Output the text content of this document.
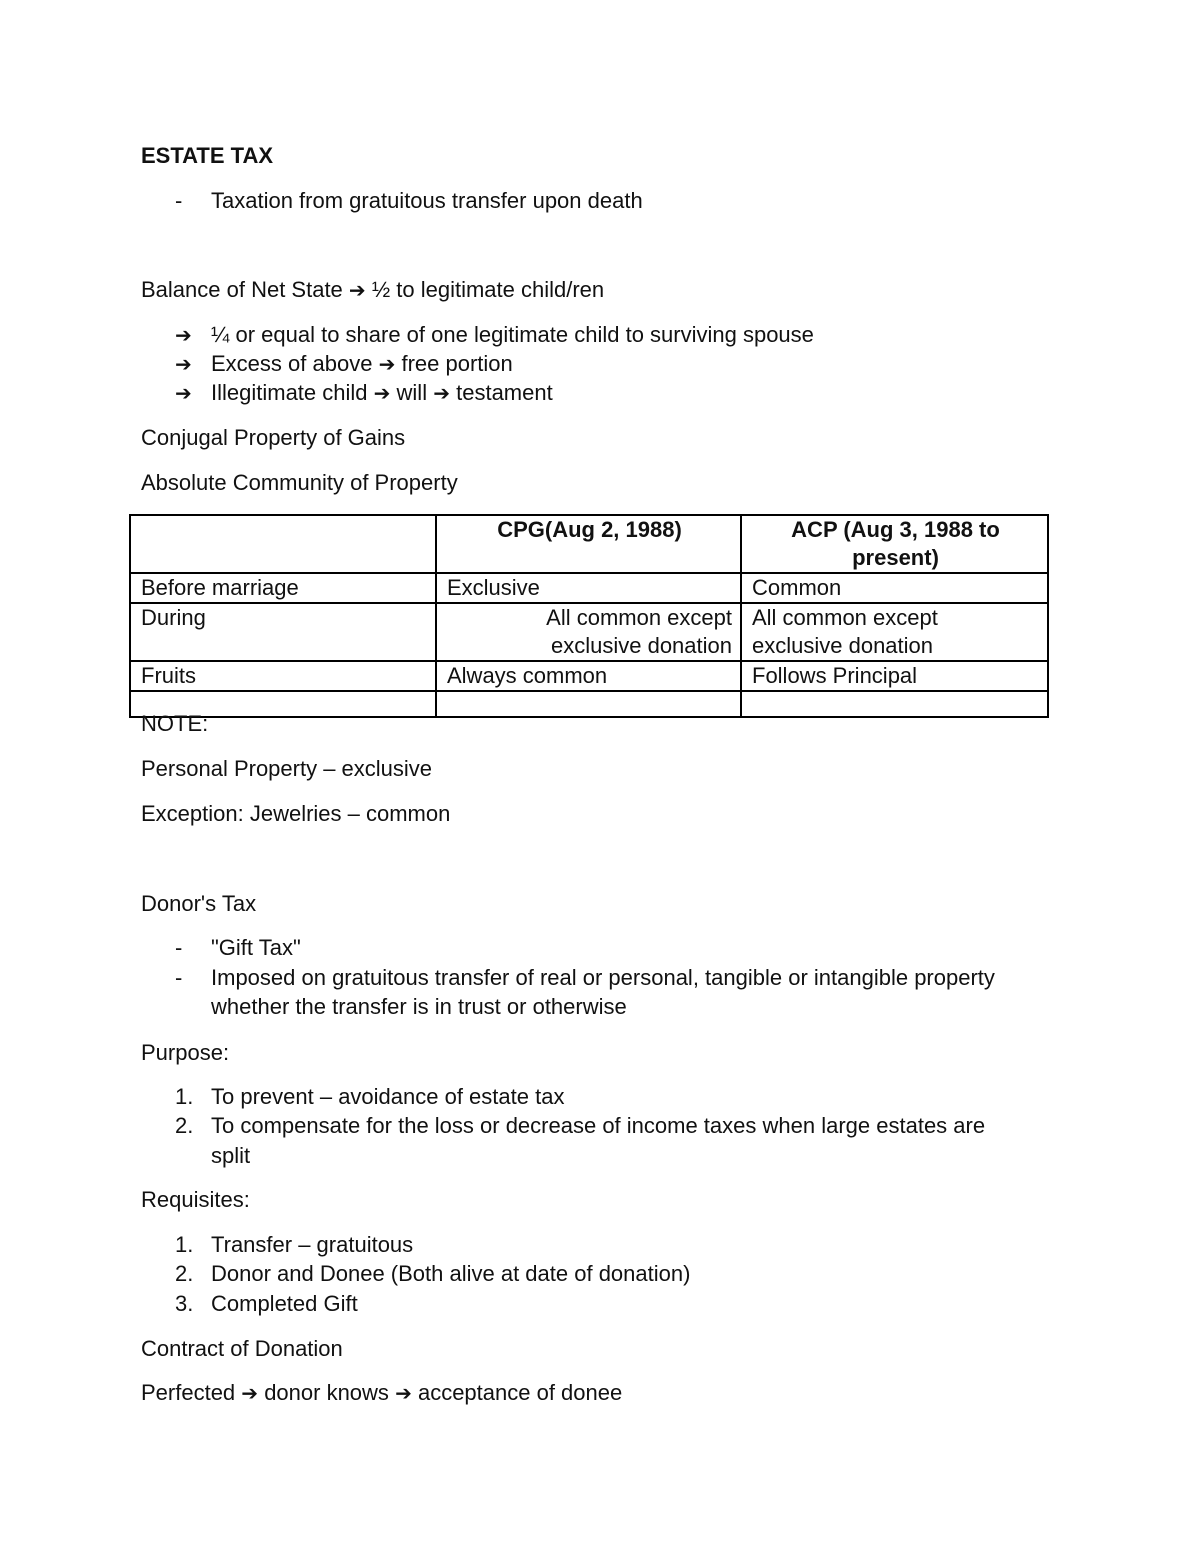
ESTATE TAX
- Taxation from gratuitous transfer upon death
Balance of Net State ➔ ½ to legitimate child/ren
➔ ¼ or equal to share of one legitimate child to surviving spouse
➔ Excess of above ➔ free portion
➔ Illegitimate child ➔ will ➔ testament
Conjugal Property of Gains
Absolute Community of Property
	CPG(Aug 2, 1988)	ACP (Aug 3, 1988 to present)
Before marriage	Exclusive	Common
During	All common except exclusive donation	All common except exclusive donation
Fruits	Always common	Follows Principal

NOTE:
Personal Property – exclusive
Exception: Jewelries – common
Donor's Tax
- "Gift Tax"
- Imposed on gratuitous transfer of real or personal, tangible or intangible property
whether the transfer is in trust or otherwise
Purpose:
1. To prevent – avoidance of estate tax
2. To compensate for the loss or decrease of income taxes when large estates are
split
Requisites:
1. Transfer – gratuitous
2. Donor and Donee (Both alive at date of donation)
3. Completed Gift
Contract of Donation
Perfected ➔ donor knows ➔ acceptance of donee
